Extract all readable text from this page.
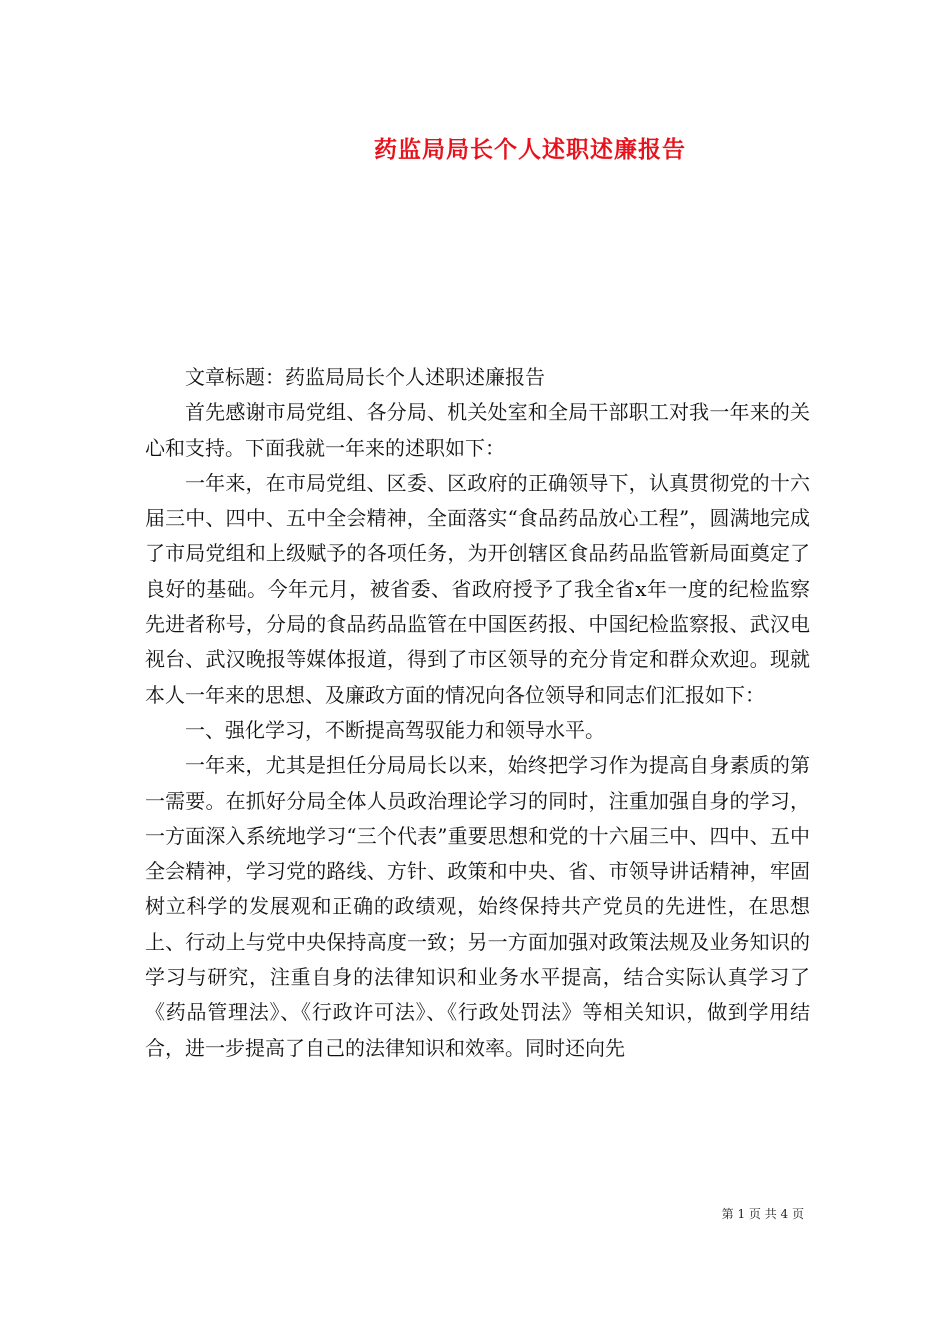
药监局局长个人述职述廉报告

文章标题：药监局局长个人述职述廉报告

首先感谢市局党组、各分局、机关处室和全局干部职工对我一年来的关心和支持。下面我就一年来的述职如下：

一年来，在市局党组、区委、区政府的正确领导下，认真贯彻党的十六届三中、四中、五中全会精神，全面落实“食品药品放心工程”，圆满地完成了市局党组和上级赋予的各项任务，为开创辖区食品药品监管新局面奠定了良好的基础。今年元月，被省委、省政府授予了我全省x年一度的纪检监察先进者称号，分局的食品药品监管在中国医药报、中国纪检监察报、武汉电视台、武汉晚报等媒体报道，得到了市区领导的充分肯定和群众欢迎。现就本人一年来的思想、及廉政方面的情况向各位领导和同志们汇报如下：

一、强化学习，不断提高驾驭能力和领导水平。

一年来，尤其是担任分局局长以来，始终把学习作为提高自身素质的第一需要。在抓好分局全体人员政治理论学习的同时，注重加强自身的学习，一方面深入系统地学习“三个代表”重要思想和党的十六届三中、四中、五中全会精神，学习党的路线、方针、政策和中央、省、市领导讲话精神，牢固树立科学的发展观和正确的政绩观，始终保持共产党员的先进性，在思想上、行动上与党中央保持高度一致；另一方面加强对政策法规及业务知识的学习与研究，注重自身的法律知识和业务水平提高，结合实际认真学习了《药品管理法》、《行政许可法》、《行政处罚法》等相关知识，做到学用结合，进一步提高了自己的法律知识和效率。同时还向先

第 1 页 共 4 页
